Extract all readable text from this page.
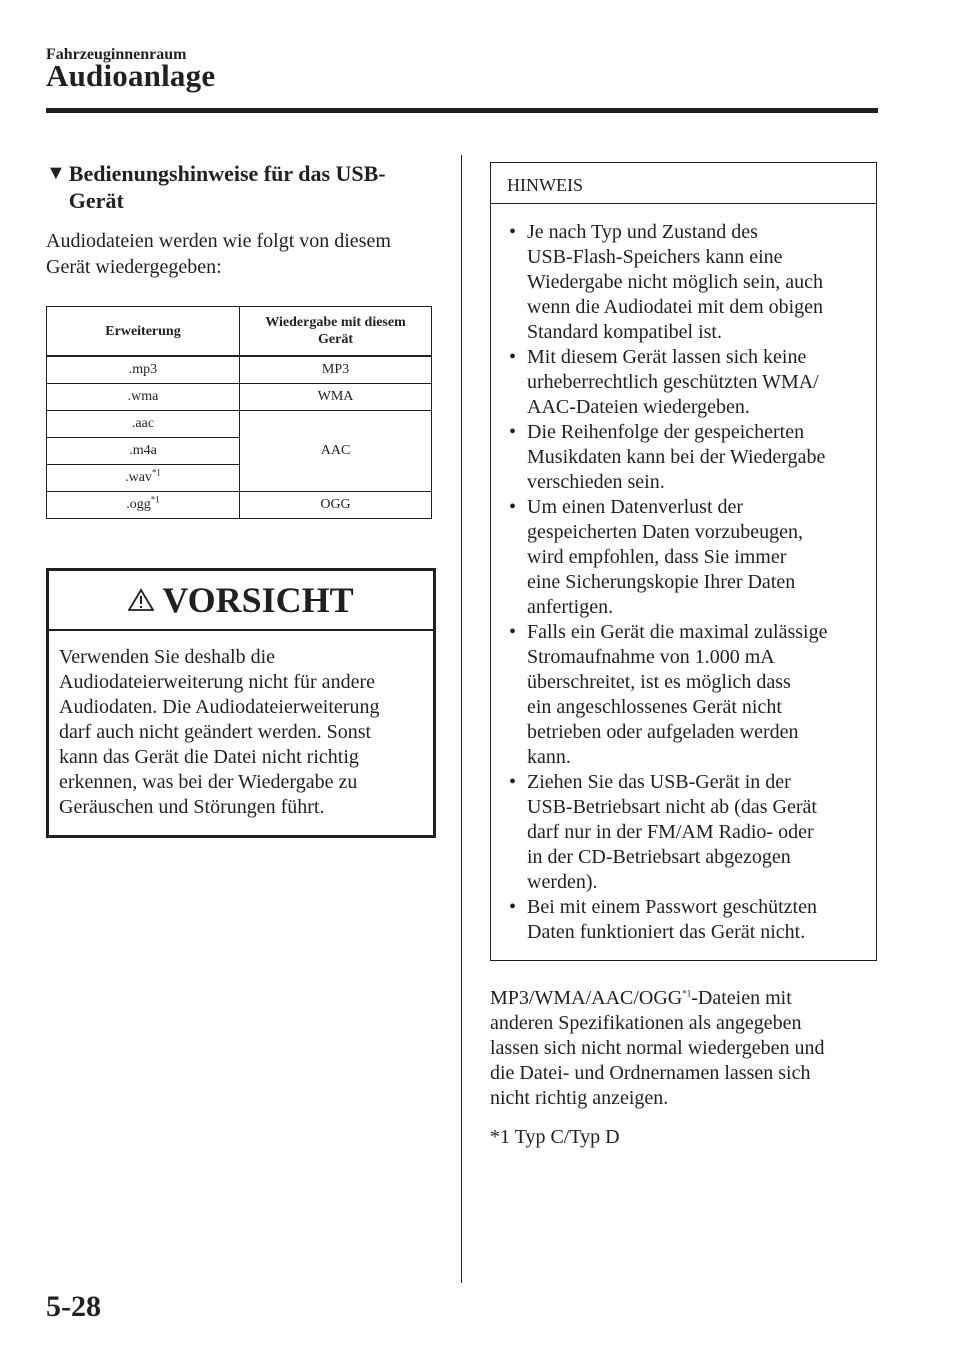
Fahrzeuginnenraum
Audioanlage
▼ Bedienungshinweise für das USB-
Gerät
Audiodateien werden wie folgt von diesem
Gerät wiedergegeben:
Erweiterung	Wiedergabe mit diesem
Gerät

.mp3	MP3
.wma	WMA
.aac	AAC
.m4a	
.wav$^{*1}$
.ogg$^{*1}$	OGG
VORSICHT
Verwenden Sie deshalb die
Audiodateierweiterung nicht für andere
Audiodaten. Die Audiodateierweiterung
darf auch nicht geändert werden. Sonst
kann das Gerät die Datei nicht richtig
erkennen, was bei der Wiedergabe zu
Geräuschen und Störungen führt.
HINWEIS
• Je nach Typ und Zustand des
USB-Flash-Speichers kann eine
Wiedergabe nicht möglich sein, auch
wenn die Audiodatei mit dem obigen
Standard kompatibel ist.
• Mit diesem Gerät lassen sich keine
urheberrechtlich geschützten WMA/
AAC-Dateien wiedergeben.
• Die Reihenfolge der gespeicherten
Musikdaten kann bei der Wiedergabe
verschieden sein.
• Um einen Datenverlust der
gespeicherten Daten vorzubeugen,
wird empfohlen, dass Sie immer
eine Sicherungskopie Ihrer Daten
anfertigen.
• Falls ein Gerät die maximal zulässige
Stromaufnahme von 1.000 mA
überschreitet, ist es möglich dass
ein angeschlossenes Gerät nicht
betrieben oder aufgeladen werden
kann.
• Ziehen Sie das USB-Gerät in der
USB-Betriebsart nicht ab (das Gerät
darf nur in der FM/AM Radio- oder
in der CD-Betriebsart abgezogen
werden).
• Bei mit einem Passwort geschützten
Daten funktioniert das Gerät nicht.
MP3/WMA/AAC/OGG$^{*1}$-Dateien mit
anderen Spezifikationen als angegeben
lassen sich nicht normal wiedergeben und
die Datei- und Ordnernamen lassen sich
nicht richtig anzeigen.
*1 Typ C/Typ D
5-28
